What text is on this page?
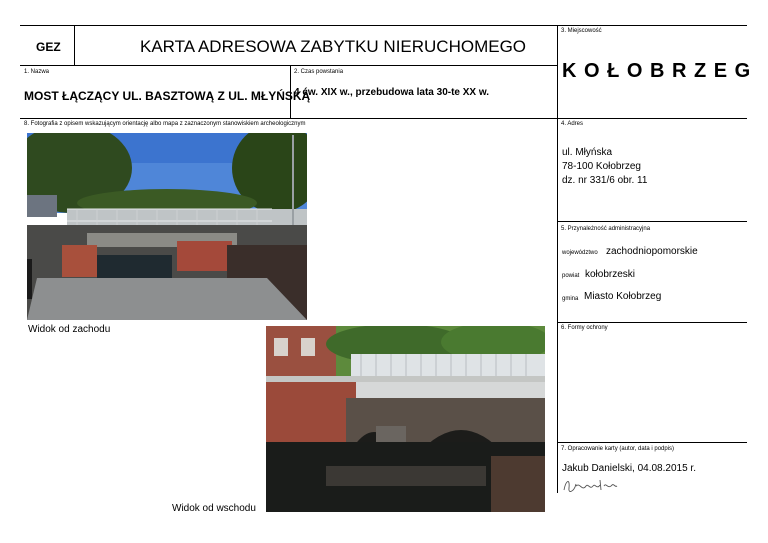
GEZ	KARTA ADRESOWA ZABYTKU NIERUCHOMEGO
1. Nazwa
MOST ŁĄCZĄCY UL. BASZTOWĄ Z UL. MŁYŃSKĄ
2. Czas powstania
4 ćw. XIX w., przebudowa lata 30-te XX w.
3. Miejscowość
K O Ł O B R Z E G
4. Adres
ul. Młyńska
78-100 Kołobrzeg
dz. nr 331/6 obr. 11
5. Przynależność administracyjna
województwo zachodniopomorskie
powiat kołobrzeski
gmina Miasto Kołobrzeg
6. Formy ochrony
7. Opracowanie karty (autor, data i podpis)
Jakub Danielski, 04.08.2015 r.
8. Fotografia z opisem wskazującym orientację albo mapa z zaznaczonym stanowiskiem archeologicznym
Widok od zachodu
Widok od wschodu
